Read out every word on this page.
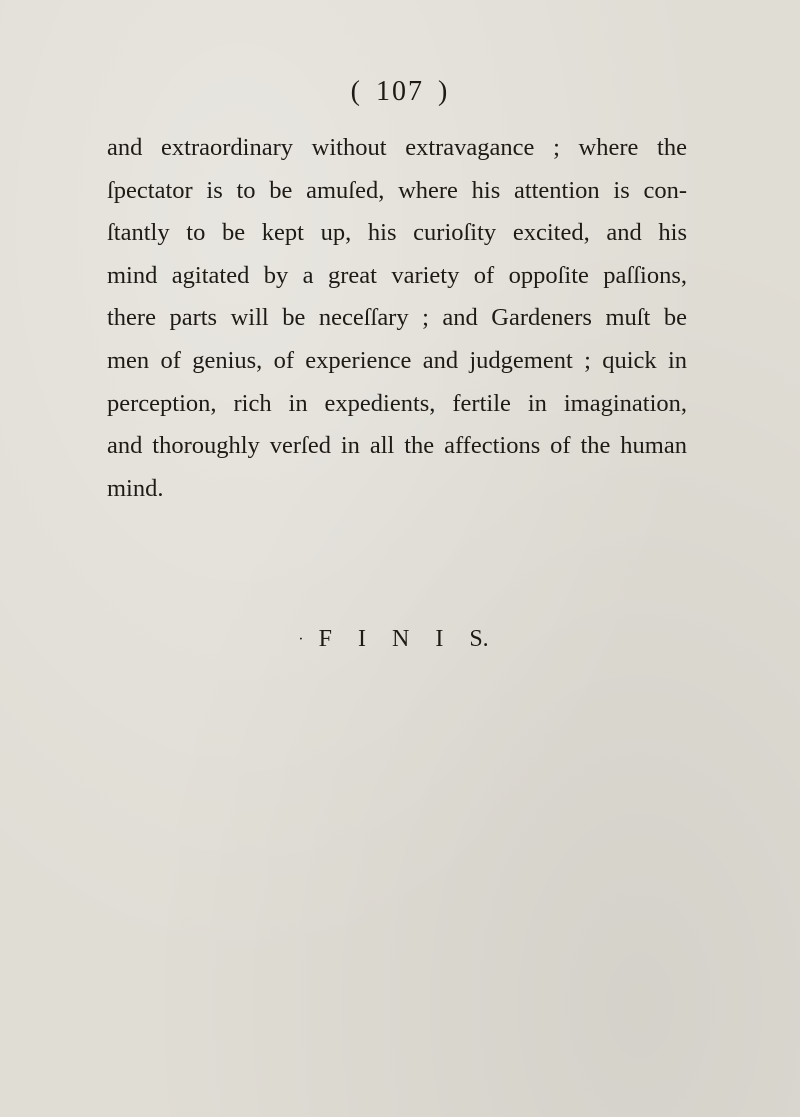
( 107 )
and extraordinary without extravagance ; where the
ſpectator is to be amuſed, where his attention is con-
ſtantly to be kept up, his curioſity excited, and his
mind agitated by a great variety of oppoſite paſſions,
there parts will be neceſſary ; and Gardeners muſt be
men of genius, of experience and judgement ; quick in
perception, rich in expedients, fertile in imagination,
and thoroughly verſed in all the affections of the human
mind.
· F I N I S.
